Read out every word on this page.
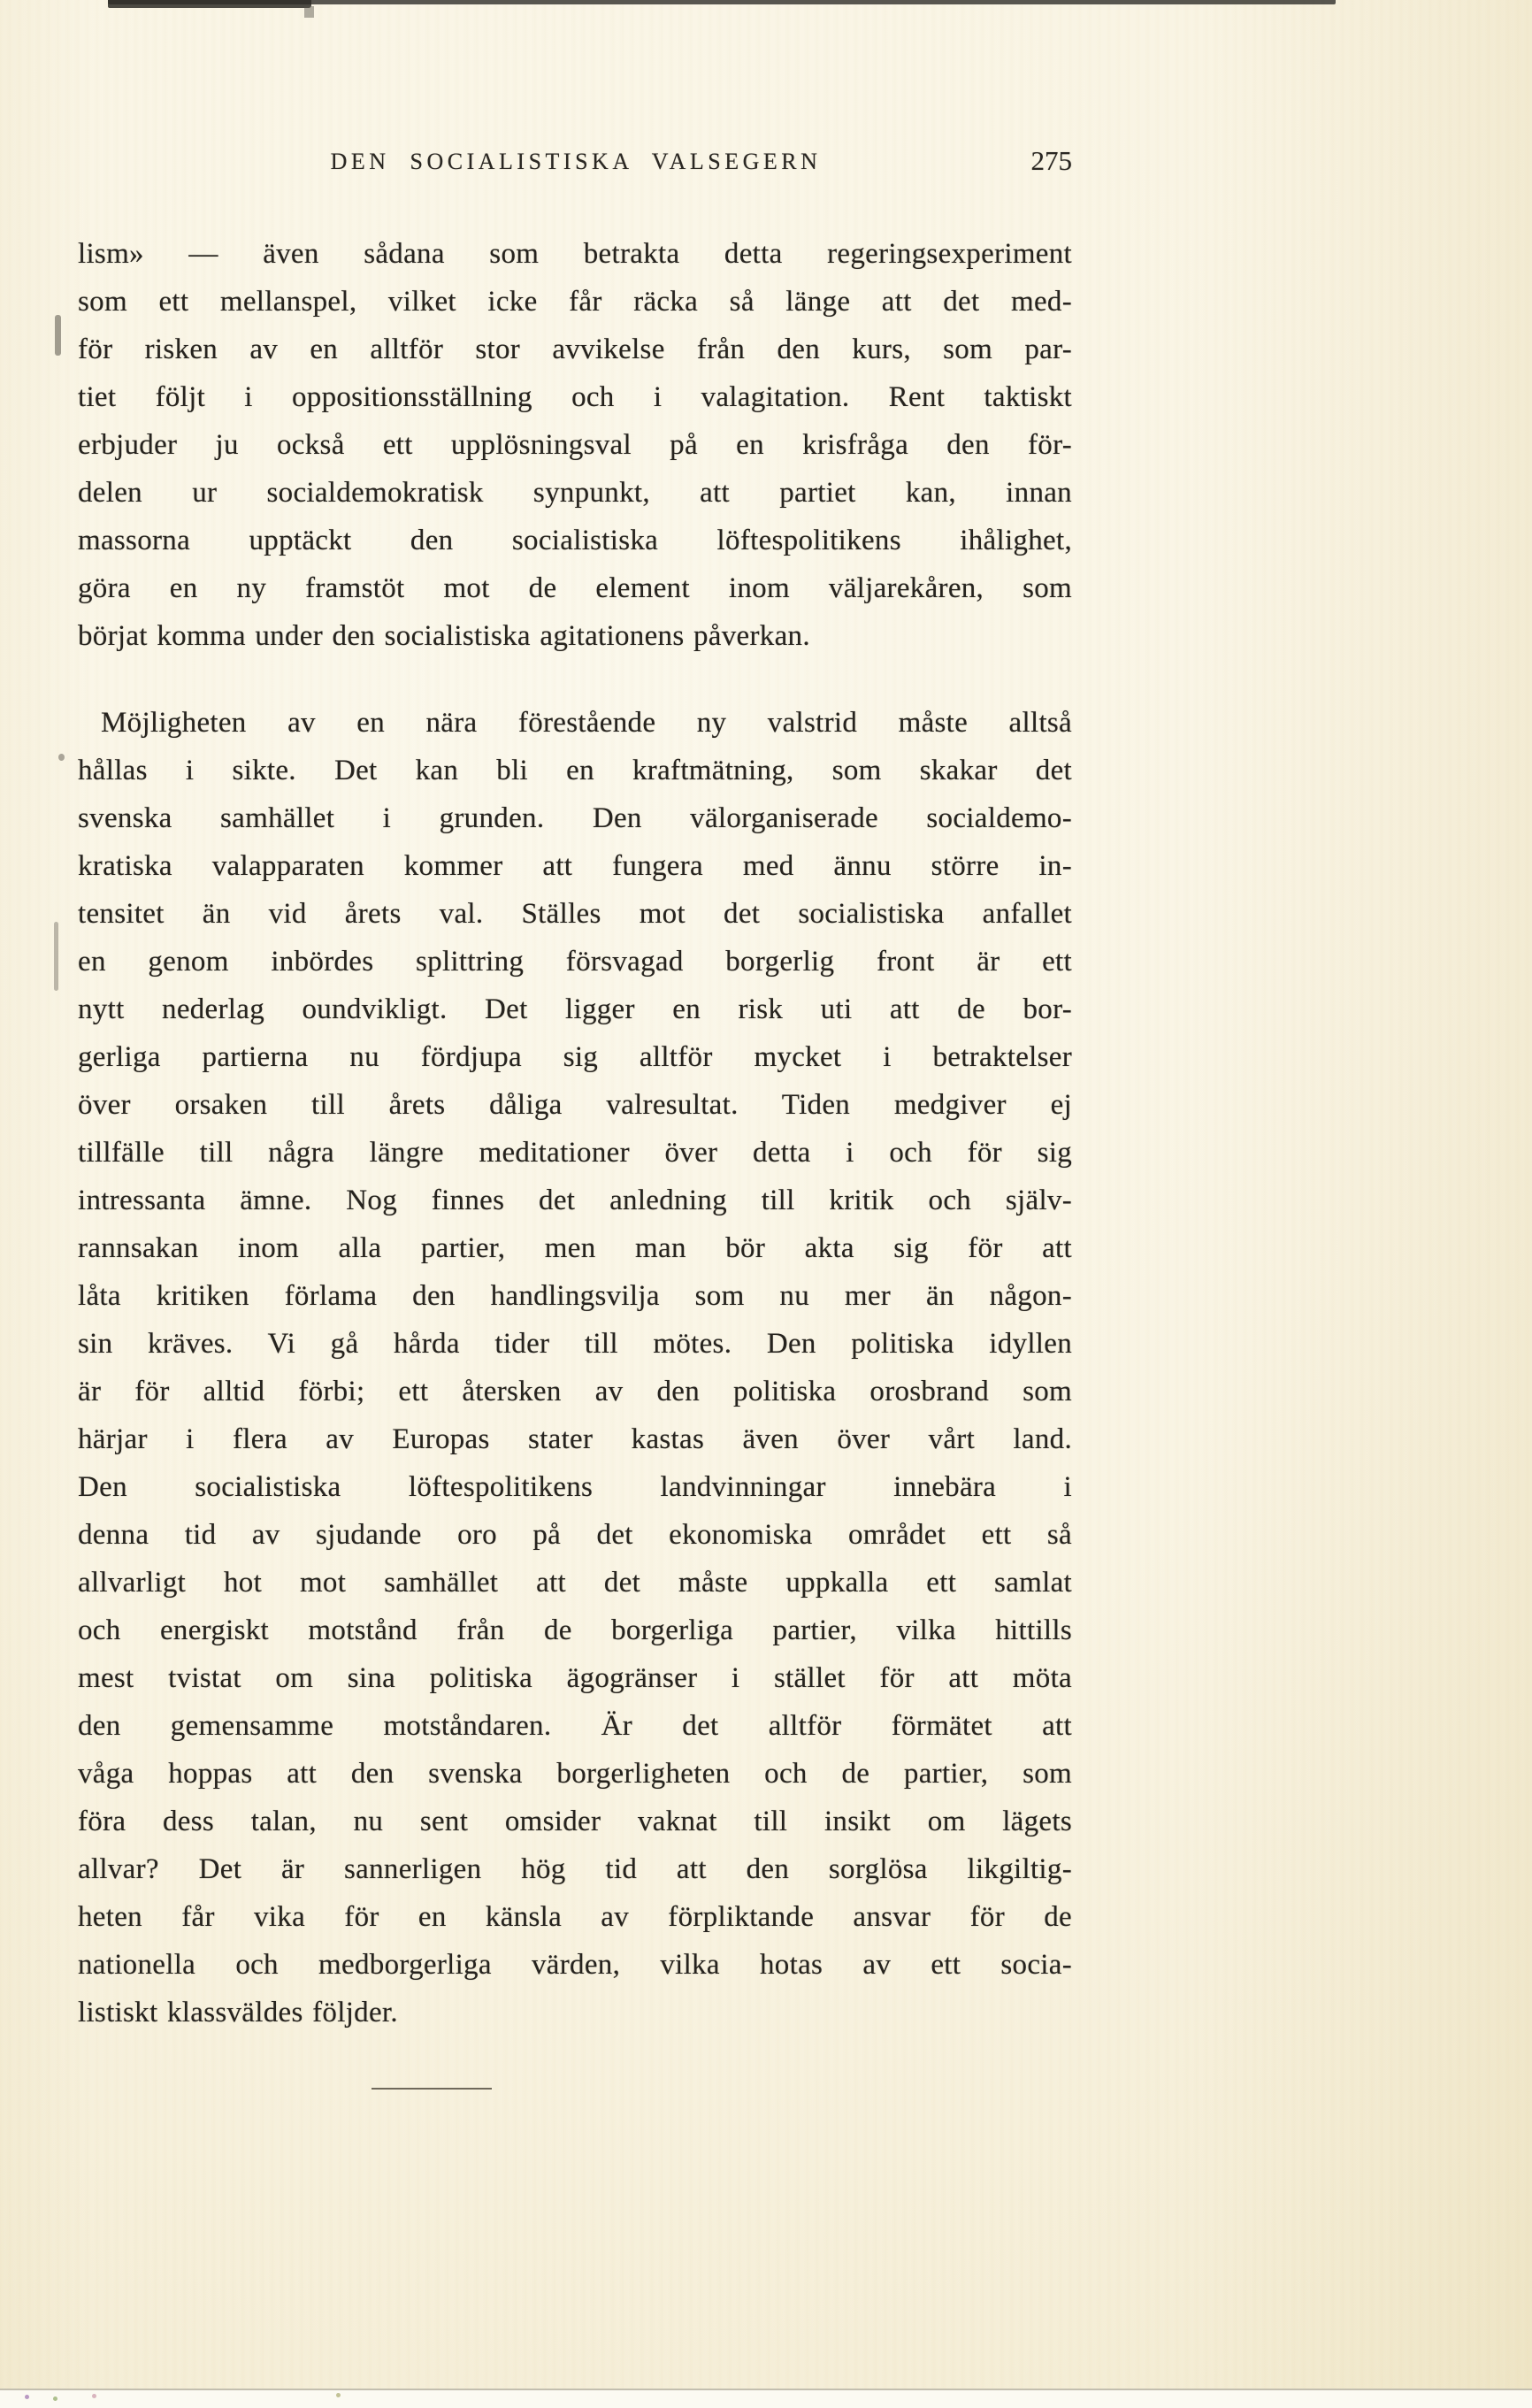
DEN SOCIALISTISKA VALSEGERN	275
lism» — även sådana som betrakta detta regeringsexperiment
som ett mellanspel, vilket icke får räcka så länge att det med-
för risken av en alltför stor avvikelse från den kurs, som par-
tiet följt i oppositionsställning och i valagitation. Rent taktiskt
erbjuder ju också ett upplösningsval på en krisfråga den för-
delen ur socialdemokratisk synpunkt, att partiet kan, innan
massorna upptäckt den socialistiska löftespolitikens ihålighet,
göra en ny framstöt mot de element inom väljarekåren, som
börjat komma under den socialistiska agitationens påverkan.
Möjligheten av en nära förestående ny valstrid måste alltså
hållas i sikte. Det kan bli en kraftmätning, som skakar det
svenska samhället i grunden. Den välorganiserade socialdemo-
kratiska valapparaten kommer att fungera med ännu större in-
tensitet än vid årets val. Ställes mot det socialistiska anfallet
en genom inbördes splittring försvagad borgerlig front är ett
nytt nederlag oundvikligt. Det ligger en risk uti att de bor-
gerliga partierna nu fördjupa sig alltför mycket i betraktelser
över orsaken till årets dåliga valresultat. Tiden medgiver ej
tillfälle till några längre meditationer över detta i och för sig
intressanta ämne. Nog finnes det anledning till kritik och själv-
rannsakan inom alla partier, men man bör akta sig för att
låta kritiken förlama den handlingsvilja som nu mer än någon-
sin kräves. Vi gå hårda tider till mötes. Den politiska idyllen
är för alltid förbi; ett återsken av den politiska orosbrand som
härjar i flera av Europas stater kastas även över vårt land.
Den socialistiska löftespolitikens landvinningar innebära i
denna tid av sjudande oro på det ekonomiska området ett så
allvarligt hot mot samhället att det måste uppkalla ett samlat
och energiskt motstånd från de borgerliga partier, vilka hittills
mest tvistat om sina politiska ägogränser i stället för att möta
den gemensamme motståndaren. Är det alltför förmätet att
våga hoppas att den svenska borgerligheten och de partier, som
föra dess talan, nu sent omsider vaknat till insikt om lägets
allvar? Det är sannerligen hög tid att den sorglösa likgiltig-
heten får vika för en känsla av förpliktande ansvar för de
nationella och medborgerliga värden, vilka hotas av ett socia-
listiskt klassväldes följder.
